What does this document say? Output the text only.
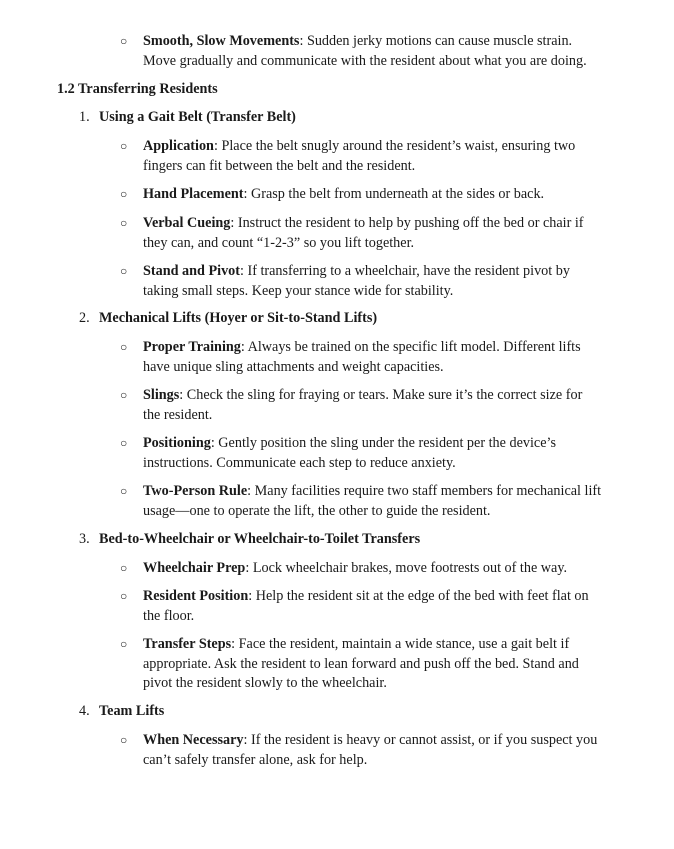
○ Smooth, Slow Movements: Sudden jerky motions can cause muscle strain. Move gradually and communicate with the resident about what you are doing.
1.2 Transferring Residents
1. Using a Gait Belt (Transfer Belt)
○ Application: Place the belt snugly around the resident’s waist, ensuring two fingers can fit between the belt and the resident.
○ Hand Placement: Grasp the belt from underneath at the sides or back.
○ Verbal Cueing: Instruct the resident to help by pushing off the bed or chair if they can, and count “1-2-3” so you lift together.
○ Stand and Pivot: If transferring to a wheelchair, have the resident pivot by taking small steps. Keep your stance wide for stability.
2. Mechanical Lifts (Hoyer or Sit-to-Stand Lifts)
○ Proper Training: Always be trained on the specific lift model. Different lifts have unique sling attachments and weight capacities.
○ Slings: Check the sling for fraying or tears. Make sure it’s the correct size for the resident.
○ Positioning: Gently position the sling under the resident per the device’s instructions. Communicate each step to reduce anxiety.
○ Two-Person Rule: Many facilities require two staff members for mechanical lift usage—one to operate the lift, the other to guide the resident.
3. Bed-to-Wheelchair or Wheelchair-to-Toilet Transfers
○ Wheelchair Prep: Lock wheelchair brakes, move footrests out of the way.
○ Resident Position: Help the resident sit at the edge of the bed with feet flat on the floor.
○ Transfer Steps: Face the resident, maintain a wide stance, use a gait belt if appropriate. Ask the resident to lean forward and push off the bed. Stand and pivot the resident slowly to the wheelchair.
4. Team Lifts
○ When Necessary: If the resident is heavy or cannot assist, or if you suspect you can’t safely transfer alone, ask for help.
